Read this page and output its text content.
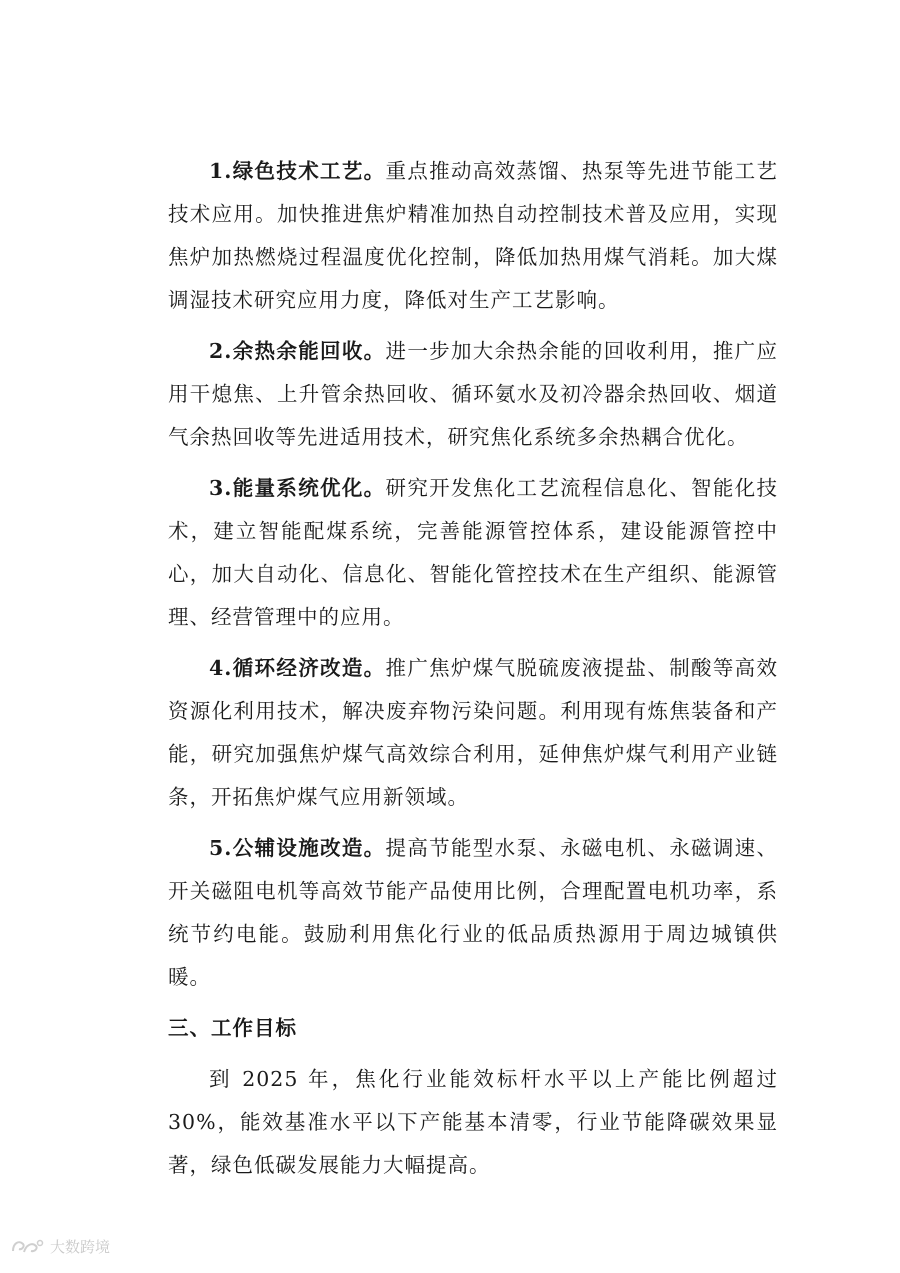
1.绿色技术工艺。重点推动高效蒸馏、热泵等先进节能工艺技术应用。加快推进焦炉精准加热自动控制技术普及应用，实现焦炉加热燃烧过程温度优化控制，降低加热用煤气消耗。加大煤调湿技术研究应用力度，降低对生产工艺影响。

2.余热余能回收。进一步加大余热余能的回收利用，推广应用干熄焦、上升管余热回收、循环氨水及初冷器余热回收、烟道气余热回收等先进适用技术，研究焦化系统多余热耦合优化。

3.能量系统优化。研究开发焦化工艺流程信息化、智能化技术，建立智能配煤系统，完善能源管控体系，建设能源管控中心，加大自动化、信息化、智能化管控技术在生产组织、能源管理、经营管理中的应用。

4.循环经济改造。推广焦炉煤气脱硫废液提盐、制酸等高效资源化利用技术，解决废弃物污染问题。利用现有炼焦装备和产能，研究加强焦炉煤气高效综合利用，延伸焦炉煤气利用产业链条，开拓焦炉煤气应用新领域。

5.公辅设施改造。提高节能型水泵、永磁电机、永磁调速、开关磁阻电机等高效节能产品使用比例，合理配置电机功率，系统节约电能。鼓励利用焦化行业的低品质热源用于周边城镇供暖。

三、工作目标

到 2025 年，焦化行业能效标杆水平以上产能比例超过 30%，能效基准水平以下产能基本清零，行业节能降碳效果显著，绿色低碳发展能力大幅提高。

大数跨境
